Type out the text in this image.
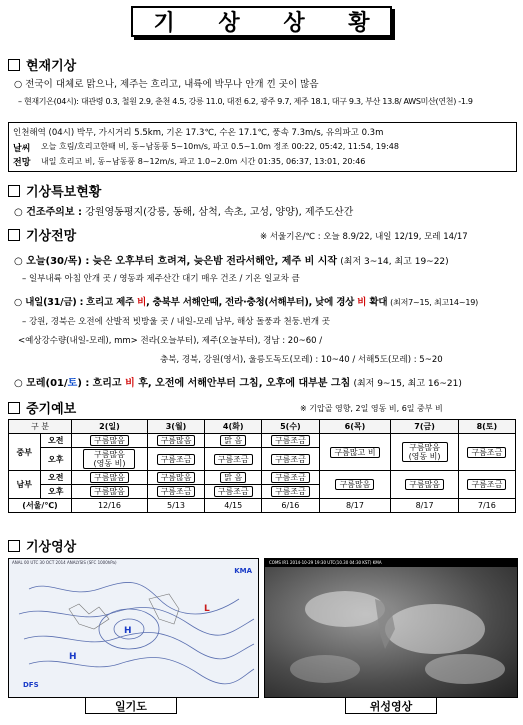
기 상 상 황
현재기상
○ 전국이 대체로 맑으나, 제주는 흐리고, 내륙에 박무나 안개 낀 곳이 많음
– 현재기온(04시): 대관령 0.3, 철원 2.9, 춘천 4.5, 강릉 11.0, 대전 6.2, 광주 9.7, 제주 18.1, 대구 9.3, 부산 13.8/ AWS미산(연천) -1.9
인천해역 (04시) 박무, 가시거리 5.5km, 기온 17.3℃, 수온 17.1℃, 풍속 7.3m/s, 유의파고 0.3m
날씨 오늘 흐림/흐리고한때 비, 동~남동풍 5~10m/s, 파고 0.5~1.0m 정조 00:22, 05:42, 11:54, 19:48
전망 내일 흐리고 비, 동~남동풍 8~12m/s, 파고 1.0~2.0m 시간 01:35, 06:37, 13:01, 20:46
기상특보현황
○ 건조주의보 : 강원영동평지(강릉, 동해, 삼척, 속초, 고성, 양양), 제주도산간
기상전망	※ 서울기온/℃ : 오늘 8.9/22, 내일 12/19, 모레 14/17
○ 오늘(30/목) : 늦은 오후부터 흐려져, 늦은밤 전라서해안, 제주 비 시작 (최저 3~14, 최고 19~22)
– 일부내륙 아침 안개 곳 / 영동과 제주산간 대기 매우 건조 / 기온 일교차 큼
○ 내일(31/금) : 흐리고 제주 비, 충북부 서해안때, 전라·충청(서해부터), 낮에 경상 비 확대 (최저7~15, 최고14~19)
– 강원, 경북은 오전에 산발적 빗방울 곳 / 내일-모레 남부, 해상 돌풍과 천둥.번개 곳
<예상강수량(내일-모레), mm> 전라(오늘부터), 제주(오늘부터), 경남 : 20~60 /
충북, 경북, 강원(영서), 울릉도독도(모레) : 10~40 / 서해5도(모레) : 5~20
○ 모레(01/토) : 흐리고 비 후, 오전에 서해안부터 그침, 오후에 대부분 그침 (최저 9~15, 최고 16~21)
중기예보	※ 기압골 영향, 2일 영동 비, 6일 중부 비
구 분		2(일)	3(월)	4(화)	5(수)	6(목)	7(금)	8(토)
중부	오전	구름많음	구름많음	맑 음	구름조금	구름많고 비	구름많음 (영동 비)	구름조금
	오후	구름많음 (영동 비)	구름조금	구름조금	구름조금			
남부	오전	구름많음	구름많음	맑 음	구름조금	구름많음	구름많음	구름조금
	오후	구름많음	구름조금	구름조금	구름조금			
(서울/℃)		12/16	5/13	4/15	6/16	8/17	8/17	7/16
기상영상
ANAL 00 UTC 30 OCT 2014 ANALYSIS (SFC 1000hPa)
H
L
H
KMA
DFS
COMS IR1 2014-10-29 19:30 UTC(10.30 04:30 KST) KMA
일기도	위성영상
